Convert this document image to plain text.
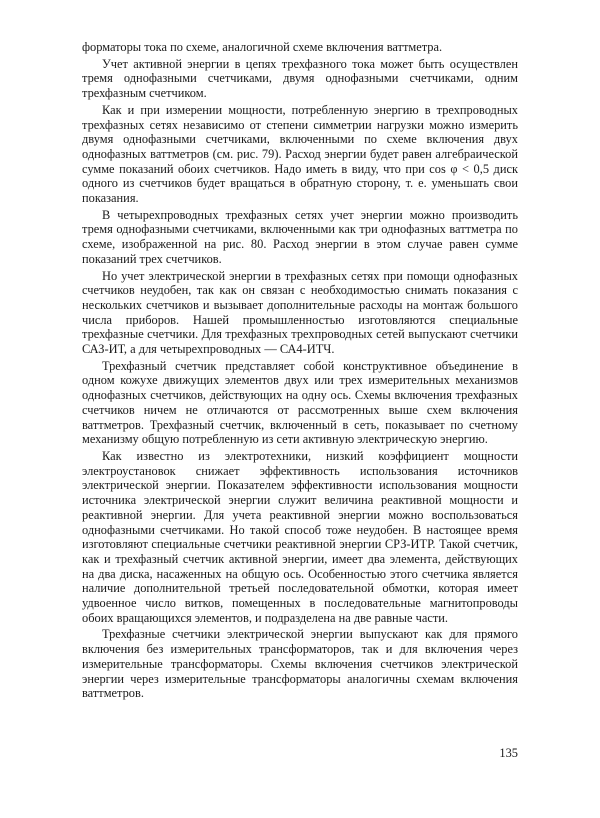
форматоры тока по схеме, аналогичной схеме включения ваттметра.

Учет активной энергии в цепях трехфазного тока может быть осуществлен тремя однофазными счетчиками, двумя однофазными счетчиками, одним трехфазным счетчиком.

Как и при измерении мощности, потребленную энергию в трехпроводных трехфазных сетях независимо от степени симметрии нагрузки можно измерить двумя однофазными счетчиками, включенными по схеме включения двух однофазных ваттметров (см. рис. 79). Расход энергии будет равен алгебраической сумме показаний обоих счетчиков. Надо иметь в виду, что при cos φ < 0,5 диск одного из счетчиков будет вращаться в обратную сторону, т. е. уменьшать свои показания.

В четырехпроводных трехфазных сетях учет энергии можно производить тремя однофазными счетчиками, включенными как три однофазных ваттметра по схеме, изображенной на рис. 80. Расход энергии в этом случае равен сумме показаний трех счетчиков.

Но учет электрической энергии в трехфазных сетях при помощи однофазных счетчиков неудобен, так как он связан с необходимостью снимать показания с нескольких счетчиков и вызывает дополнительные расходы на монтаж большого числа приборов. Нашей промышленностью изготовляются специальные трехфазные счетчики. Для трехфазных трехпроводных сетей выпускают счетчики САЗ-ИТ, а для четырехпроводных — СА4-ИТЧ.

Трехфазный счетчик представляет собой конструктивное объединение в одном кожухе движущих элементов двух или трех измерительных механизмов однофазных счетчиков, действующих на одну ось. Схемы включения трехфазных счетчиков ничем не отличаются от рассмотренных выше схем включения ваттметров. Трехфазный счетчик, включенный в сеть, показывает по счетному механизму общую потребленную из сети активную электрическую энергию.

Как известно из электротехники, низкий коэффициент мощности электроустановок снижает эффективность использования источников электрической энергии. Показателем эффективности использования мощности источника электрической энергии служит величина реактивной мощности и реактивной энергии. Для учета реактивной энергии можно воспользоваться однофазными счетчиками. Но такой способ тоже неудобен. В настоящее время изготовляют специальные счетчики реактивной энергии СРЗ-ИТР. Такой счетчик, как и трехфазный счетчик активной энергии, имеет два элемента, действующих на два диска, насаженных на общую ось. Особенностью этого счетчика является наличие дополнительной третьей последовательной обмотки, которая имеет удвоенное число витков, помещенных в последовательные магнитопроводы обоих вращающихся элементов, и подразделена на две равные части.

Трехфазные счетчики электрической энергии выпускают как для прямого включения без измерительных трансформаторов, так и для включения через измерительные трансформаторы. Схемы включения счетчиков электрической энергии через измерительные трансформаторы аналогичны схемам включения ваттметров.

135
